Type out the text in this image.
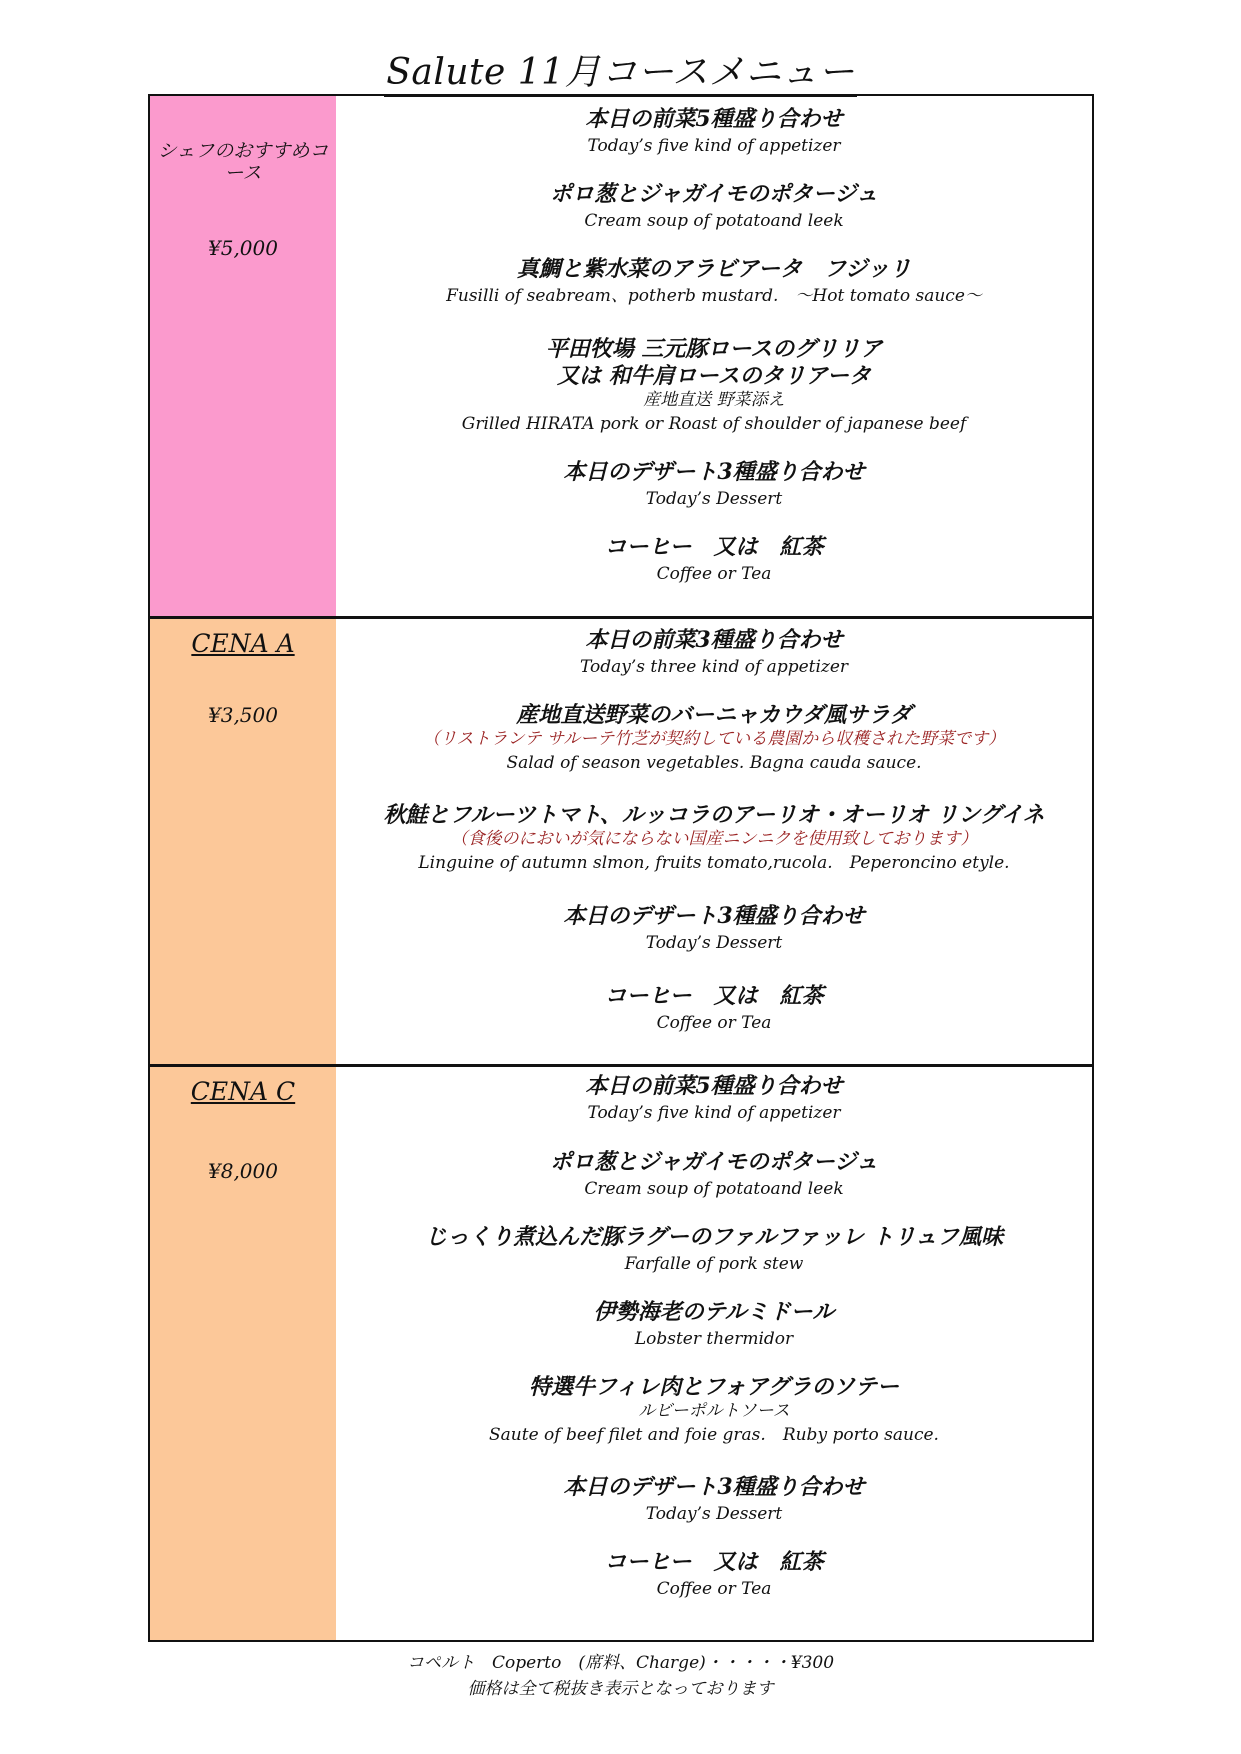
Salute 11月コースメニュー
シェフのおすすめコース
¥5,000
本日の前菜5種盛り合わせ
Today’s five kind of appetizer
ポロ葱とジャガイモのポタージュ
Cream soup of potatoand leek
真鯛と紫水菜のアラビアータ　フジッリ
Fusilli of seabream、potherb mustard.　～Hot tomato sauce～
平田牧場 三元豚ロースのグリリア
又は 和牛肩ロースのタリアータ
産地直送 野菜添え
Grilled HIRATA pork or Roast of shoulder of japanese beef
本日のデザート3種盛り合わせ
Today’s Dessert
コーヒー　又は　紅茶
Coffee or Tea
CENA A
¥3,500
本日の前菜3種盛り合わせ
Today’s three kind of appetizer
産地直送野菜のバーニャカウダ風サラダ
（リストランテ サルーテ竹芝が契約している農園から収穫された野菜です）
Salad of season vegetables. Bagna cauda sauce.
秋鮭とフルーツトマト、ルッコラのアーリオ・オーリオ リングイネ
（食後のにおいが気にならない国産ニンニクを使用致しております）
Linguine of autumn slmon, fruits tomato,rucola.　Peperoncino etyle.
本日のデザート3種盛り合わせ
Today’s Dessert
コーヒー　又は　紅茶
Coffee or Tea
CENA C
¥8,000
本日の前菜5種盛り合わせ
Today’s five kind of appetizer
ポロ葱とジャガイモのポタージュ
Cream soup of potatoand leek
じっくり煮込んだ豚ラグーのファルファッレ トリュフ風味
Farfalle of pork stew
伊勢海老のテルミドール
Lobster thermidor
特選牛フィレ肉とフォアグラのソテー
ルビーポルトソース
Saute of beef filet and foie gras.　Ruby porto sauce.
本日のデザート3種盛り合わせ
Today’s Dessert
コーヒー　又は　紅茶
Coffee or Tea
コペルト　Coperto　(席料、Charge)・・・・・¥300
価格は全て税抜き表示となっております
